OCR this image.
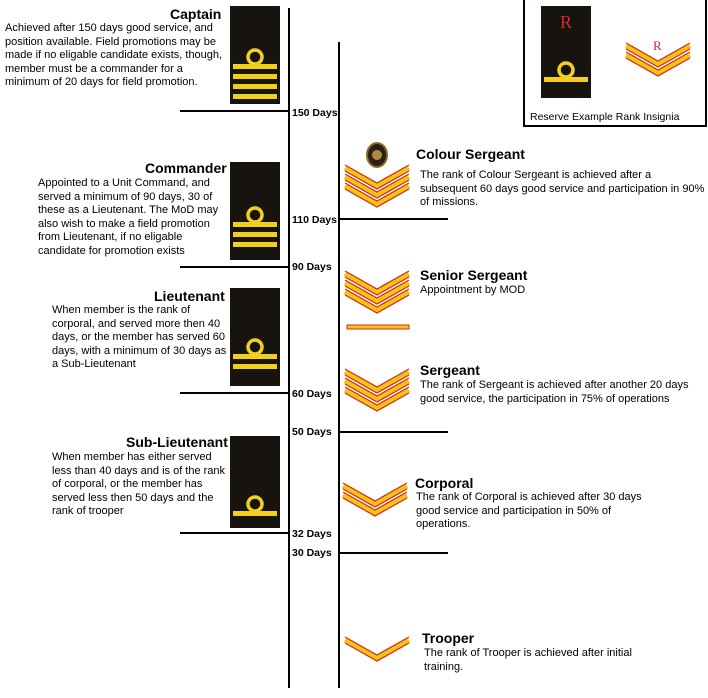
150 Days
110 Days
90 Days
60 Days
50 Days
32 Days
30 Days
Captain
Achieved after 150 days good service, and position available. Field promotions may be made if no eligable candidate exists, though, member must be a commander for a minimum of 20 days for field promotion.
Commander
Appointed to a Unit Command, and served a minimum of 90 days, 30 of these as a Lieutenant. The MoD may also wish to make a field promotion from Lieutenant, if no eligable candidate for promotion exists
Lieutenant
When member is the rank of corporal, and served more then 40 days, or the member has served 60 days, with a minimum of 30 days as a Sub-Lieutenant
Sub-Lieutenant
When member has either served less than 40 days and is of the rank of corporal, or the member has served less then 50 days and the rank of trooper
Colour Sergeant
The rank of Colour Sergeant is achieved after a subsequent 60 days good service and participation in 90% of missions.
Senior Sergeant
Appointment by MOD
Sergeant
The rank of Sergeant is achieved after another 20 days good service, the participation in 75% of operations
Corporal
The rank of Corporal is achieved after 30 days good service and participation in 50% of operations.
Trooper
The rank of Trooper is achieved after initial training.
R
R
Reserve Example Rank Insignia
